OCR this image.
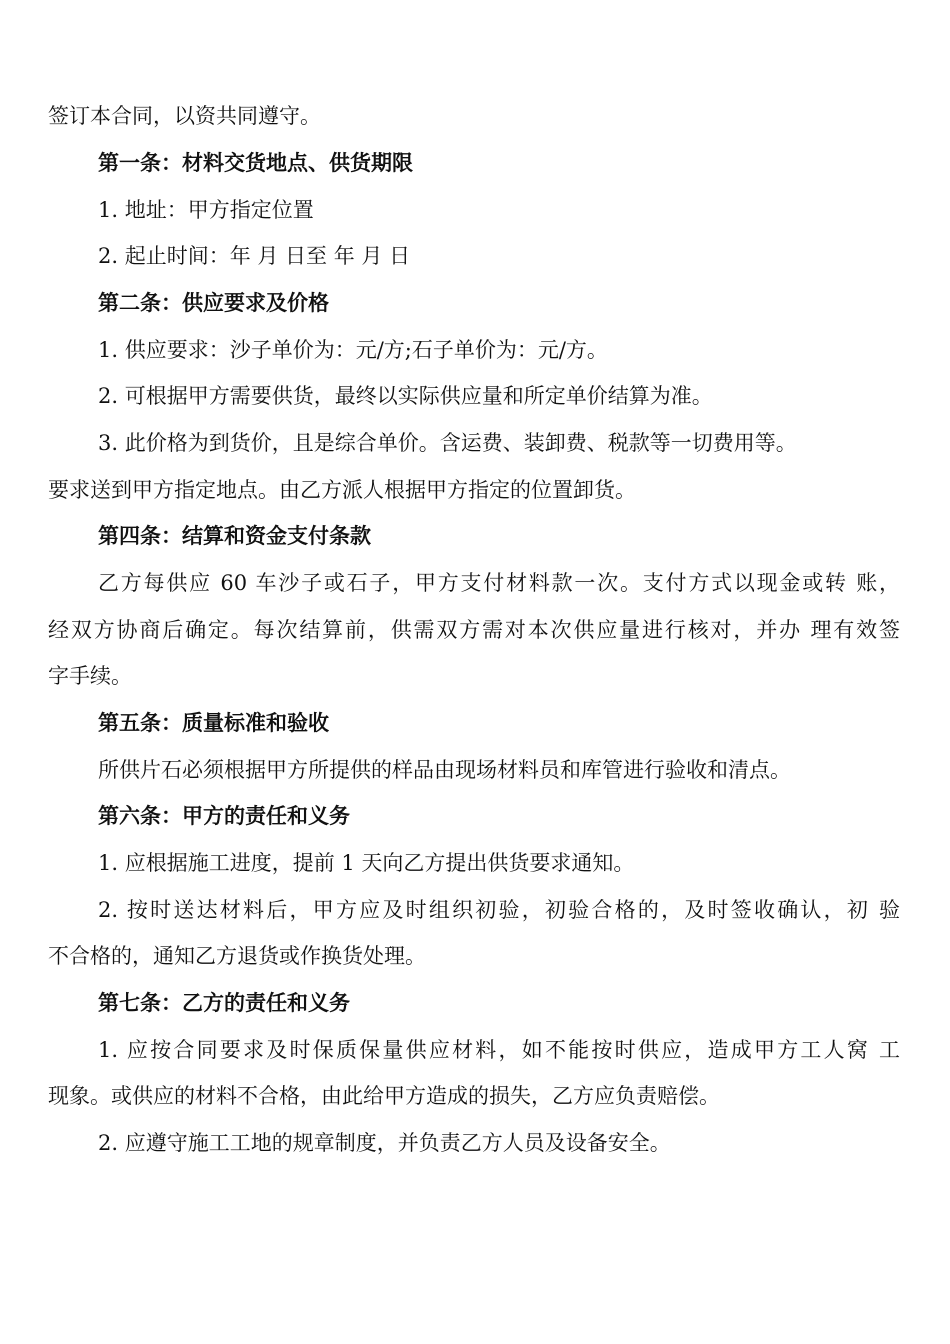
签订本合同，以资共同遵守。
第一条：材料交货地点、供货期限
1. 地址：甲方指定位置
2. 起止时间：年 月 日至 年 月 日
第二条：供应要求及价格
1. 供应要求：沙子单价为：元/方;石子单价为：元/方。
2. 可根据甲方需要供货，最终以实际供应量和所定单价结算为准。
3. 此价格为到货价，且是综合单价。含运费、装卸费、税款等一切费用等。
要求送到甲方指定地点。由乙方派人根据甲方指定的位置卸货。
第四条：结算和资金支付条款
乙方每供应 60 车沙子或石子，甲方支付材料款一次。支付方式以现金或转 账，
经双方协商后确定。每次结算前，供需双方需对本次供应量进行核对，并办 理有效签
字手续。
第五条：质量标准和验收
所供片石必须根据甲方所提供的样品由现场材料员和库管进行验收和清点。
第六条：甲方的责任和义务
1. 应根据施工进度，提前 1 天向乙方提出供货要求通知。
2. 按时送达材料后，甲方应及时组织初验，初验合格的，及时签收确认，初 验
不合格的，通知乙方退货或作换货处理。
第七条：乙方的责任和义务
1. 应按合同要求及时保质保量供应材料，如不能按时供应，造成甲方工人窝 工
现象。或供应的材料不合格，由此给甲方造成的损失，乙方应负责赔偿。
2. 应遵守施工工地的规章制度，并负责乙方人员及设备安全。
